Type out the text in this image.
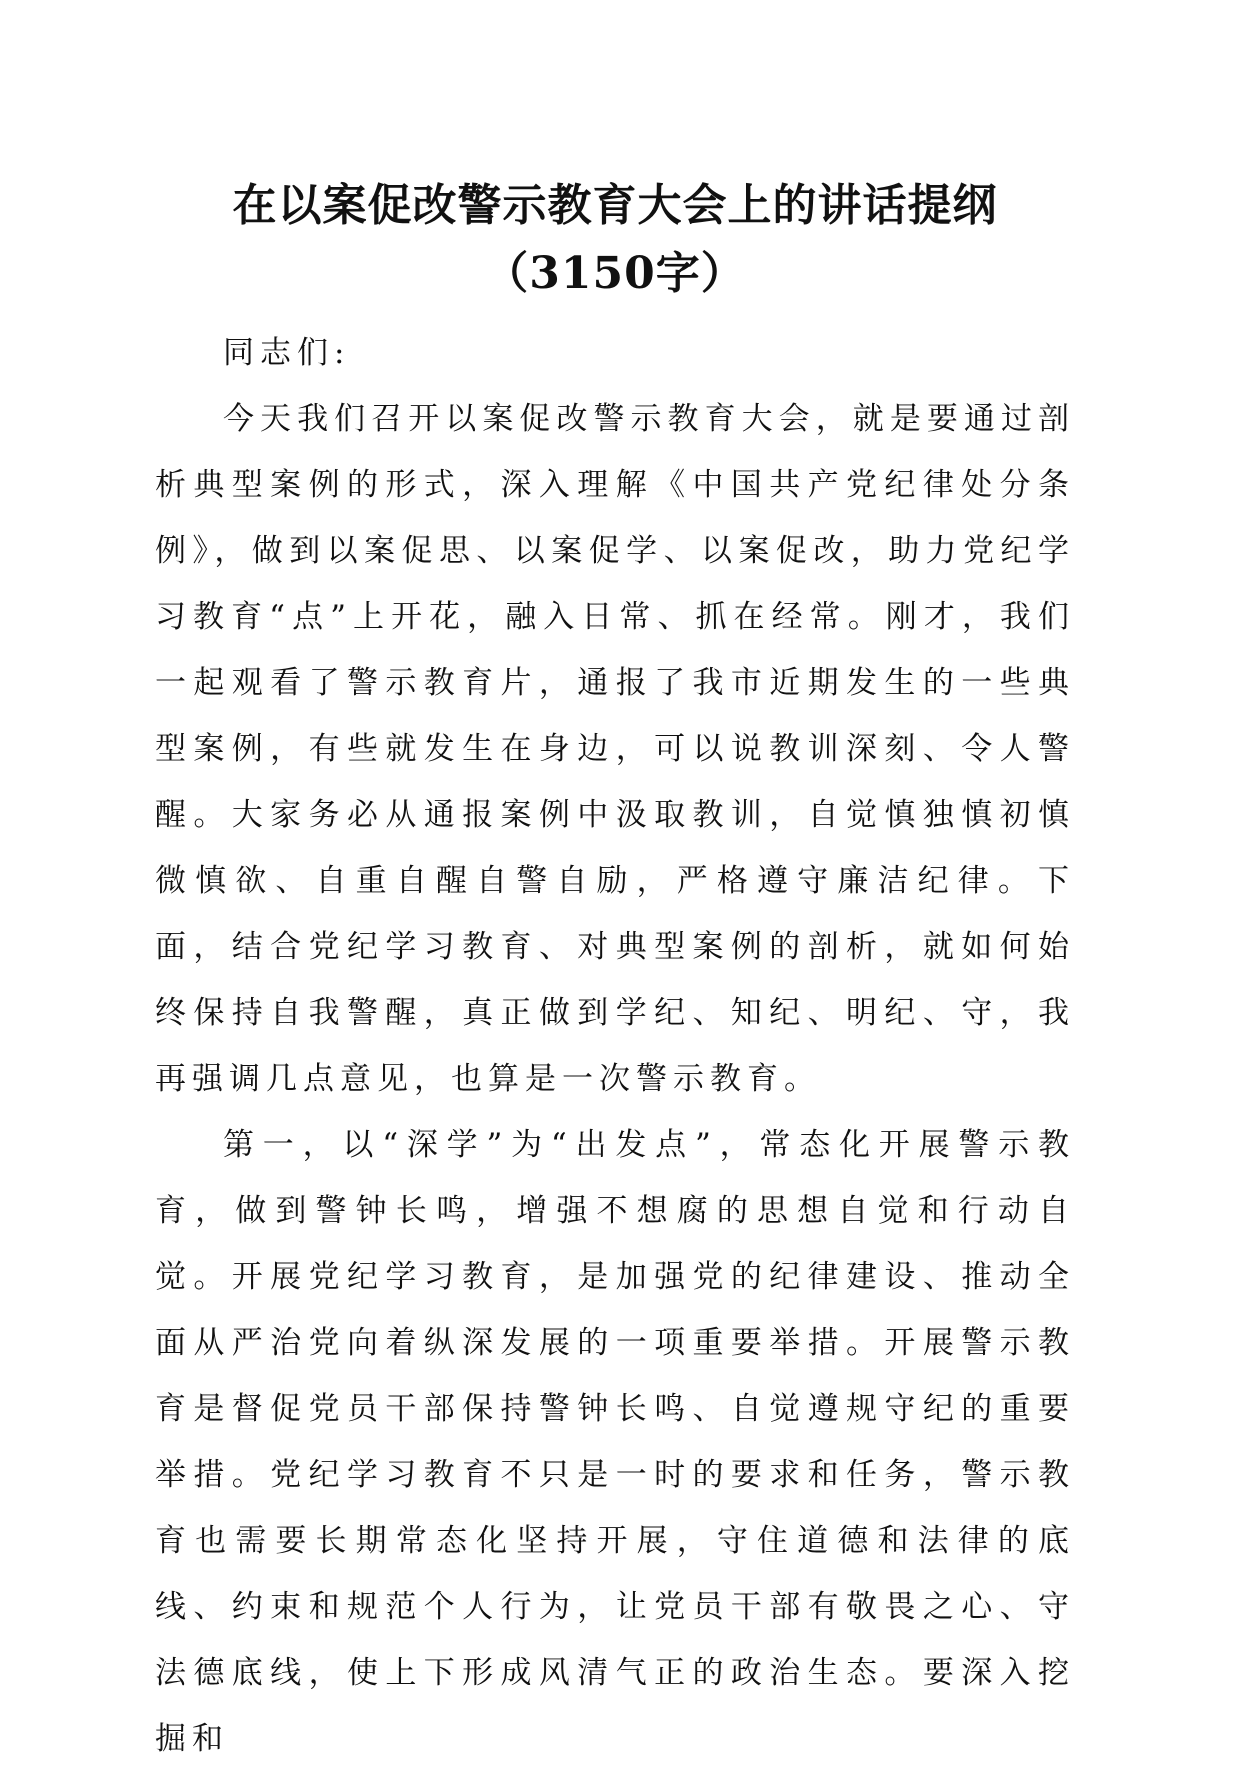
在以案促改警示教育大会上的讲话提纲（3150字）

同志们:

今天我们召开以案促改警示教育大会，就是要通过剖析典型案例的形式，深入理解《中国共产党纪律处分条例》，做到以案促思、以案促学、以案促改，助力党纪学习教育“点”上开花，融入日常、抓在经常。刚才，我们一起观看了警示教育片，通报了我市近期发生的一些典型案例，有些就发生在身边，可以说教训深刻、令人警醒。大家务必从通报案例中汲取教训，自觉慎独慎初慎微慎欲、自重自醒自警自励，严格遵守廉洁纪律。下面，结合党纪学习教育、对典型案例的剖析，就如何始终保持自我警醒，真正做到学纪、知纪、明纪、守，我再强调几点意见，也算是一次警示教育。

第一，以“深学”为“出发点”，常态化开展警示教育，做到警钟长鸣，增强不想腐的思想自觉和行动自觉。开展党纪学习教育，是加强党的纪律建设、推动全面从严治党向着纵深发展的一项重要举措。开展警示教育是督促党员干部保持警钟长鸣、自觉遵规守纪的重要举措。党纪学习教育不只是一时的要求和任务，警示教育也需要长期常态化坚持开展，守住道德和法律的底线、约束和规范个人行为，让党员干部有敬畏之心、守法德底线，使上下形成风清气正的政治生态。要深入挖掘和
